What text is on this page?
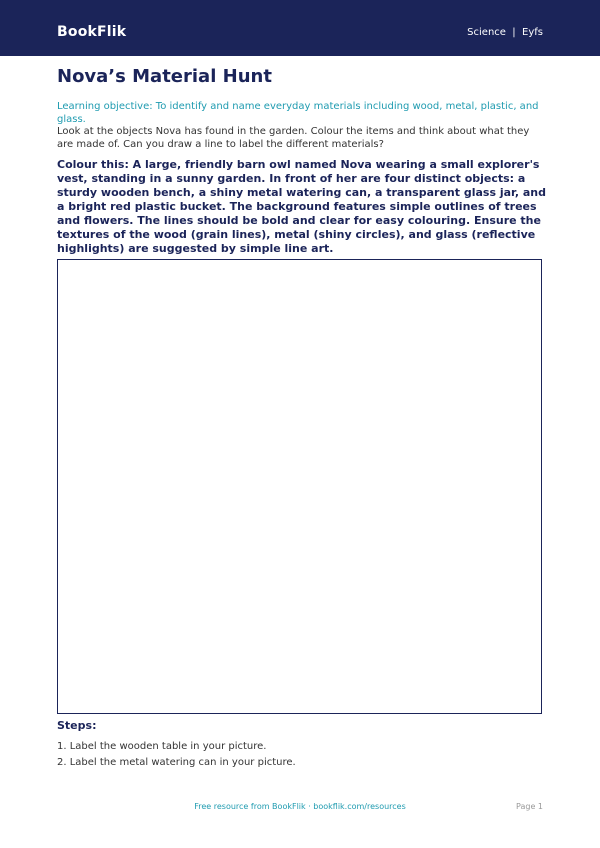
BookFlik	Science  |  Eyfs
Nova’s Material Hunt
Learning objective: To identify and name everyday materials including wood, metal, plastic, and glass.
Look at the objects Nova has found in the garden. Colour the items and think about what they are made of. Can you draw a line to label the different materials?
Colour this: A large, friendly barn owl named Nova wearing a small explorer's vest, standing in a sunny garden. In front of her are four distinct objects: a sturdy wooden bench, a shiny metal watering can, a transparent glass jar, and a bright red plastic bucket. The background features simple outlines of trees and flowers. The lines should be bold and clear for easy colouring. Ensure the textures of the wood (grain lines), metal (shiny circles), and glass (reflective highlights) are suggested by simple line art.
Steps:
1. Label the wooden table in your picture.
2. Label the metal watering can in your picture.
Free resource from BookFlik · bookflik.com/resources	Page 1
